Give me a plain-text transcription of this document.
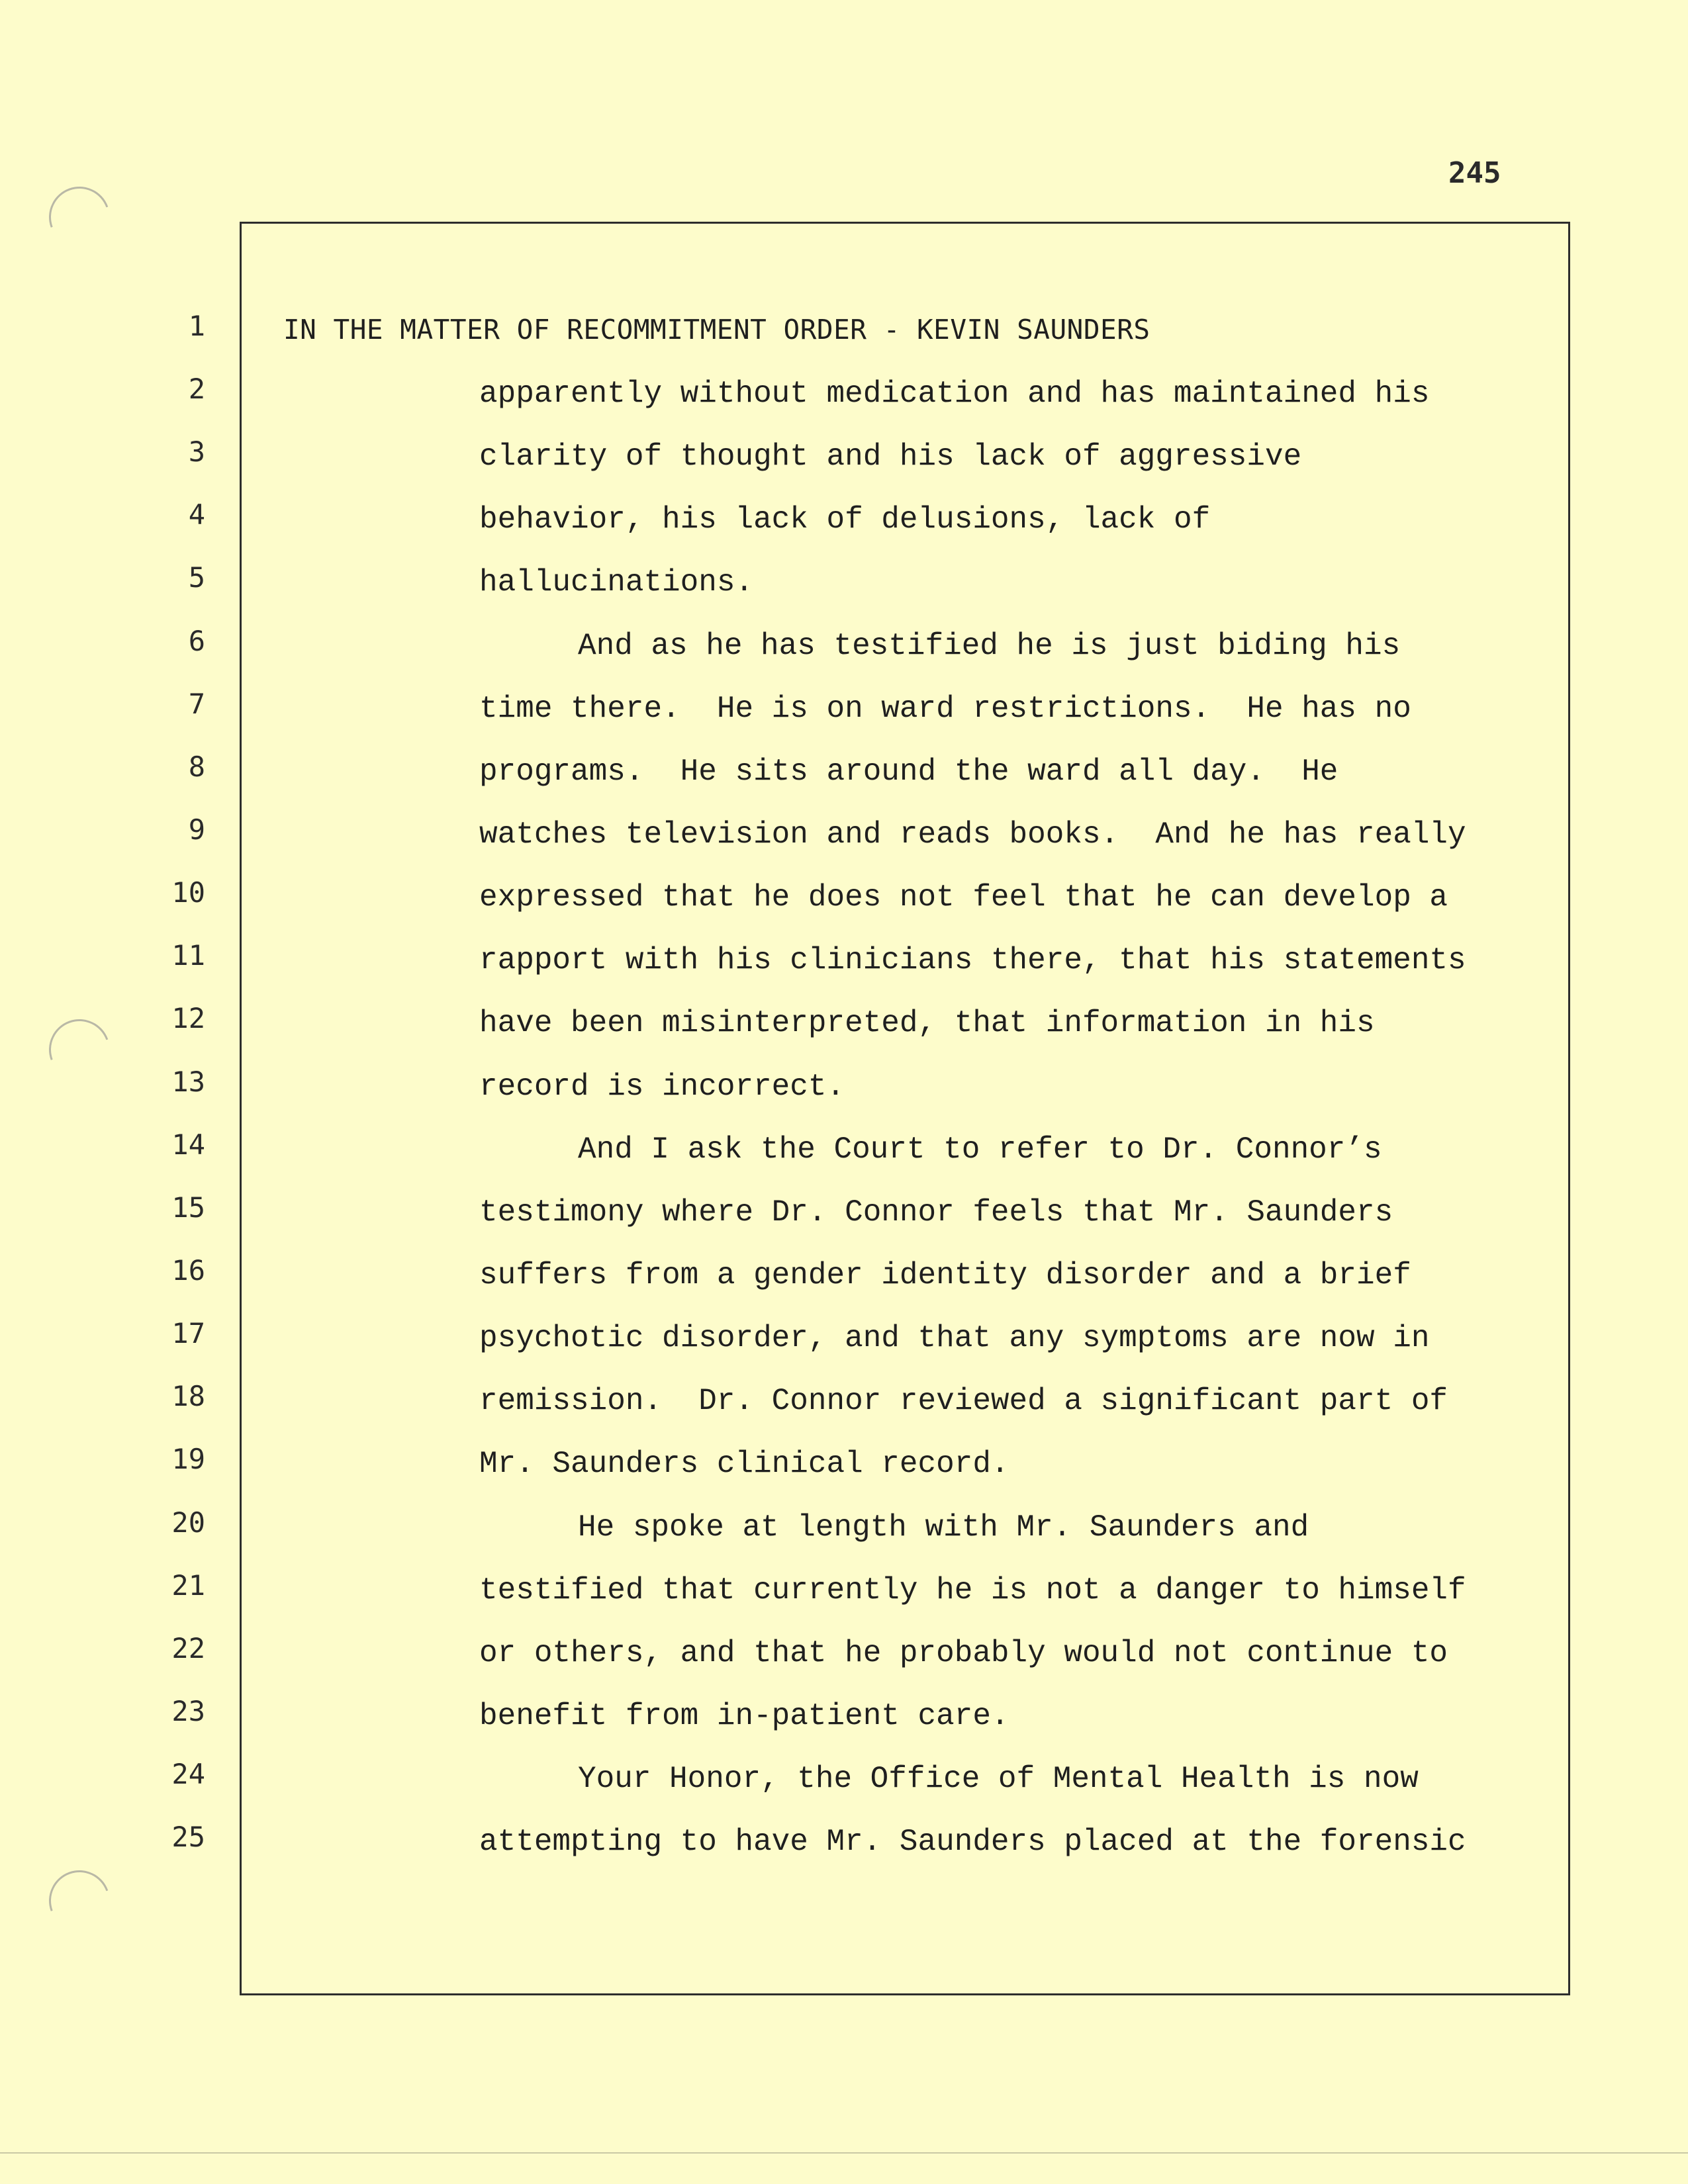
245
1
2
3
4
5
6
7
8
9
10
11
12
13
14
15
16
17
18
19
20
21
22
23
24
25
IN THE MATTER OF RECOMMITMENT ORDER - KEVIN SAUNDERS
apparently without medication and has maintained his
clarity of thought and his lack of aggressive
behavior, his lack of delusions, lack of
hallucinations.
And as he has testified he is just biding his
time there.  He is on ward restrictions.  He has no
programs.  He sits around the ward all day.  He
watches television and reads books.  And he has really
expressed that he does not feel that he can develop a
rapport with his clinicians there, that his statements
have been misinterpreted, that information in his
record is incorrect.
And I ask the Court to refer to Dr. Connor’s
testimony where Dr. Connor feels that Mr. Saunders
suffers from a gender identity disorder and a brief
psychotic disorder, and that any symptoms are now in
remission.  Dr. Connor reviewed a significant part of
Mr. Saunders clinical record.
He spoke at length with Mr. Saunders and
testified that currently he is not a danger to himself
or others, and that he probably would not continue to
benefit from in-patient care.
Your Honor, the Office of Mental Health is now
attempting to have Mr. Saunders placed at the forensic
